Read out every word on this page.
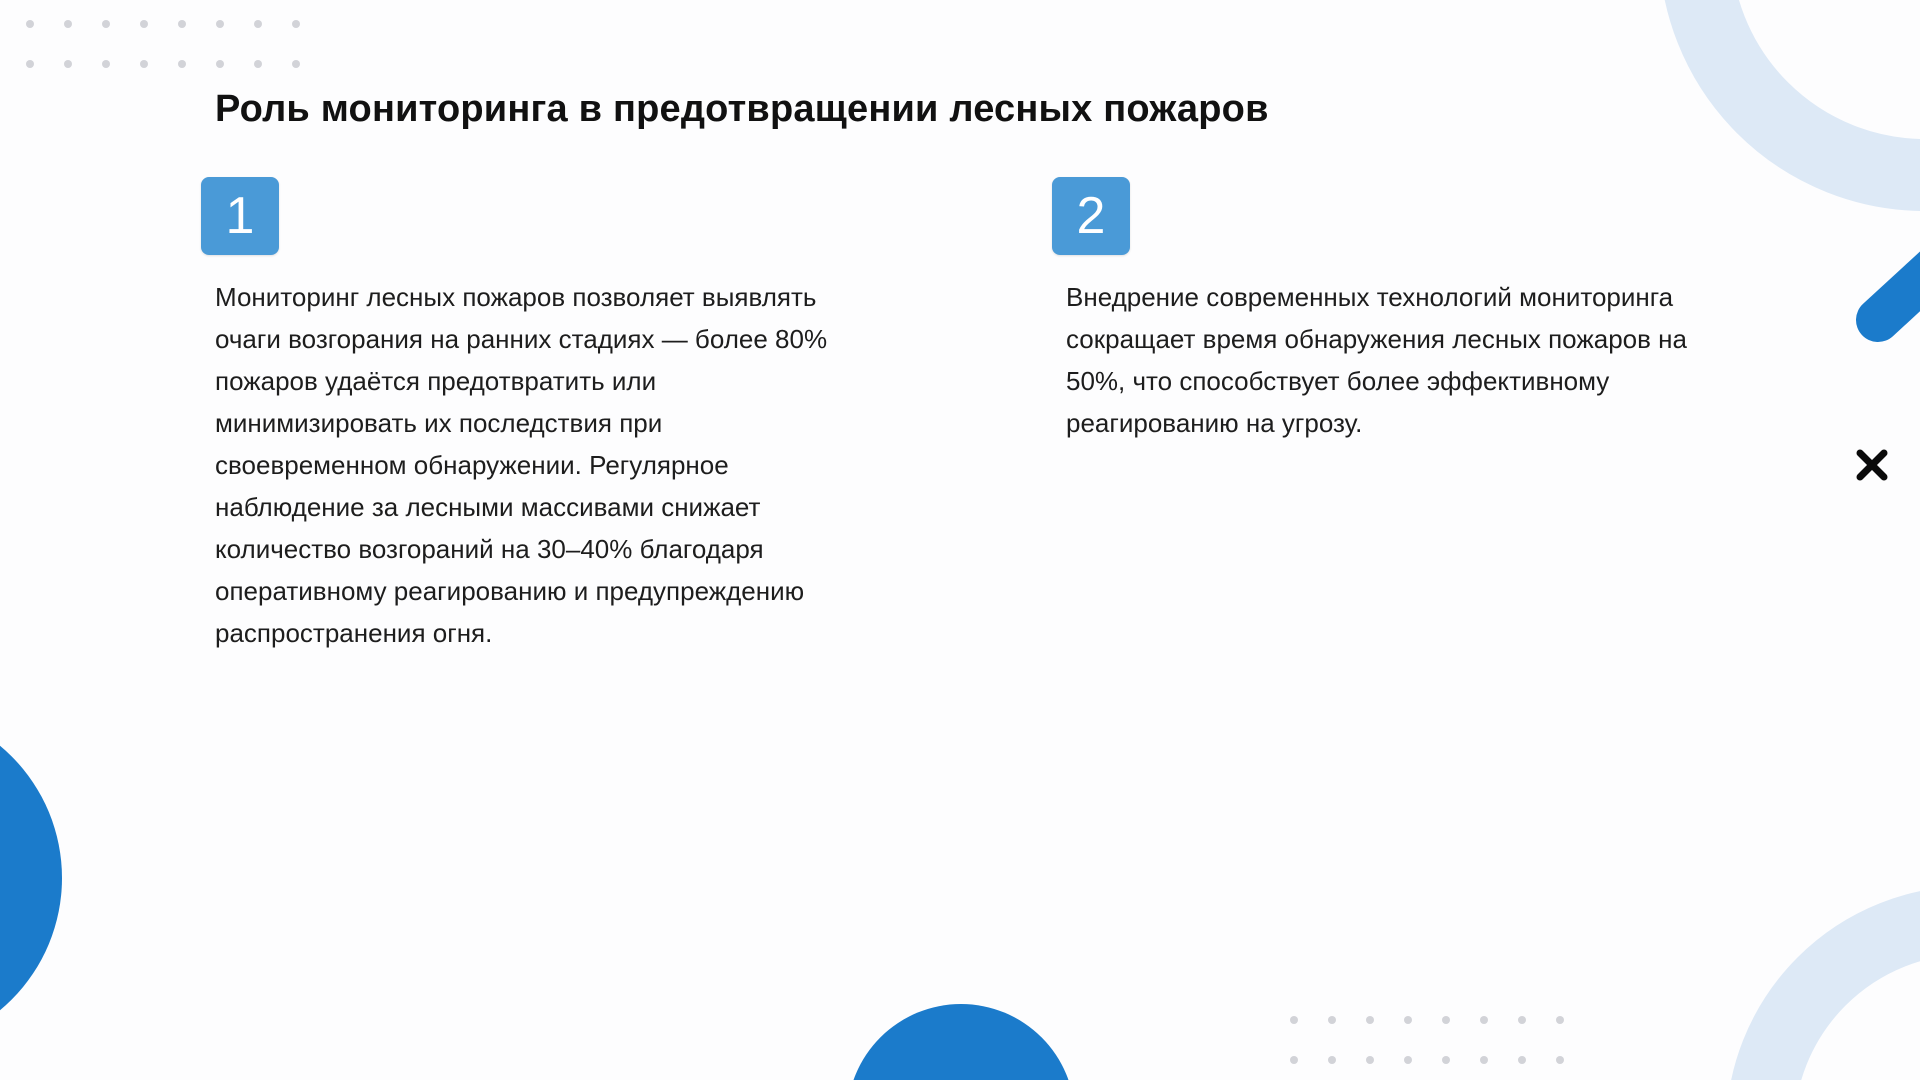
Роль мониторинга в предотвращении лесных пожаров
1

Мониторинг лесных пожаров позволяет выявлять очаги возгорания на ранних стадиях — более 80% пожаров удаётся предотвратить или минимизировать их последствия при своевременном обнаружении. Регулярное наблюдение за лесными массивами снижает количество возгораний на 30–40% благодаря оперативному реагированию и предупреждению распространения огня.

2

Внедрение современных технологий мониторинга сокращает время обнаружения лесных пожаров на 50%, что способствует более эффективному реагированию на угрозу.
